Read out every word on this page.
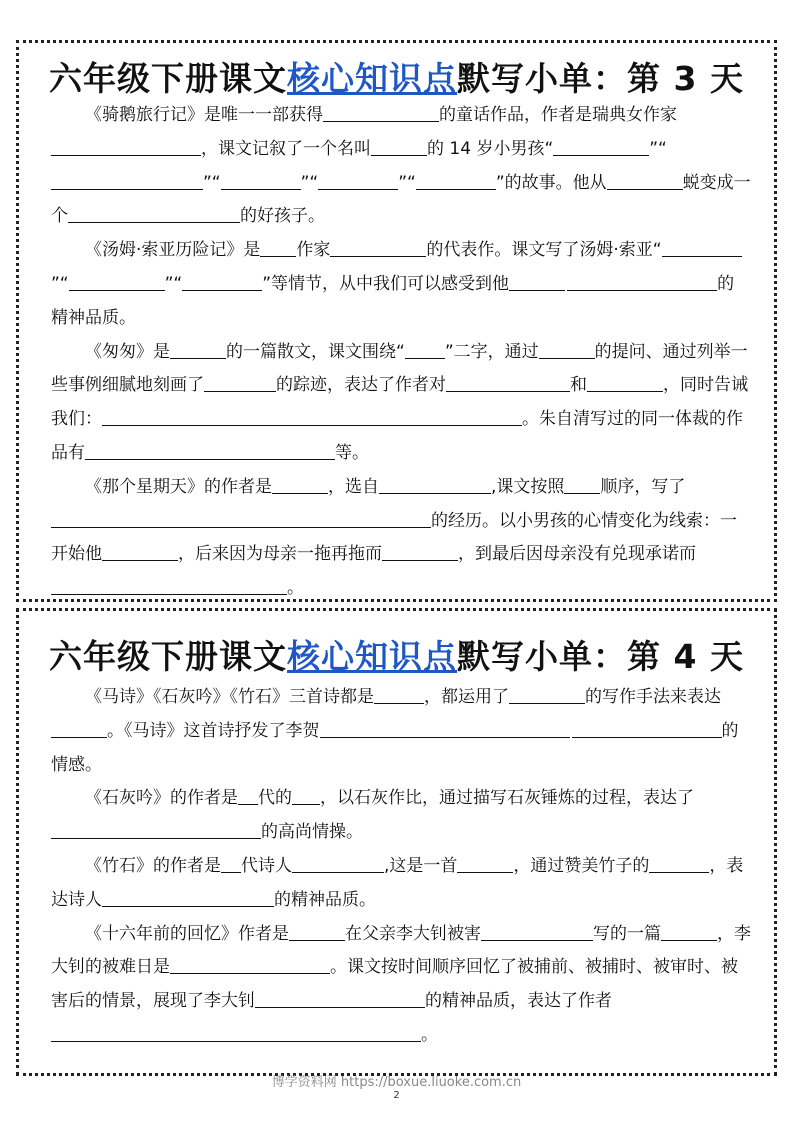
六年级下册课文核心知识点默写小单：第 3 天

《骑鹅旅行记》是唯一一部获得	的童话作品，作者是瑞典女作家，课文记叙了一个名叫	的 14 岁小男孩“	”“”“	”“	”“	”的故事。他从	蜕变成一个	的好孩子。

《汤姆·索亚历险记》是 作家	的代表作。课文写了汤姆·索亚“”“	”“	”等情节，从中我们可以感受到他	的精神品质。

《匆匆》是	的一篇散文，课文围绕“ ”二字，通过	的提问、通过列举一些事例细腻地刻画了	的踪迹，表达了作者对	和	，同时告诫我们：	。朱自清写过的同一体裁的作品有	等。

《那个星期天》的作者是	，选自	,课文按照 顺序，写了的经历。以小男孩的心情变化为线索：一开始他	，后来因为母亲一拖再拖而	，到最后因母亲没有兑现承诺而。

六年级下册课文核心知识点默写小单：第 4 天

《马诗》《石灰吟》《竹石》三首诗都是	，都运用了	的写作手法来表达。《马诗》这首诗抒发了李贺	的情感。

《石灰吟》的作者是 代的 ，以石灰作比，通过描写石灰锤炼的过程，表达了的高尚情操。

《竹石》的作者是 代诗人	,这是一首	，通过赞美竹子的	，表达诗人	的精神品质。

《十六年前的回忆》作者是	在父亲李大钊被害	写的一篇	，李大钊的被难日是	。课文按时间顺序回忆了被捕前、被捕时、被审时、被害后的情景，展现了李大钊	的精神品质，表达了作者。

博学资料网 https://boxue.liuoke.com.cn
2
